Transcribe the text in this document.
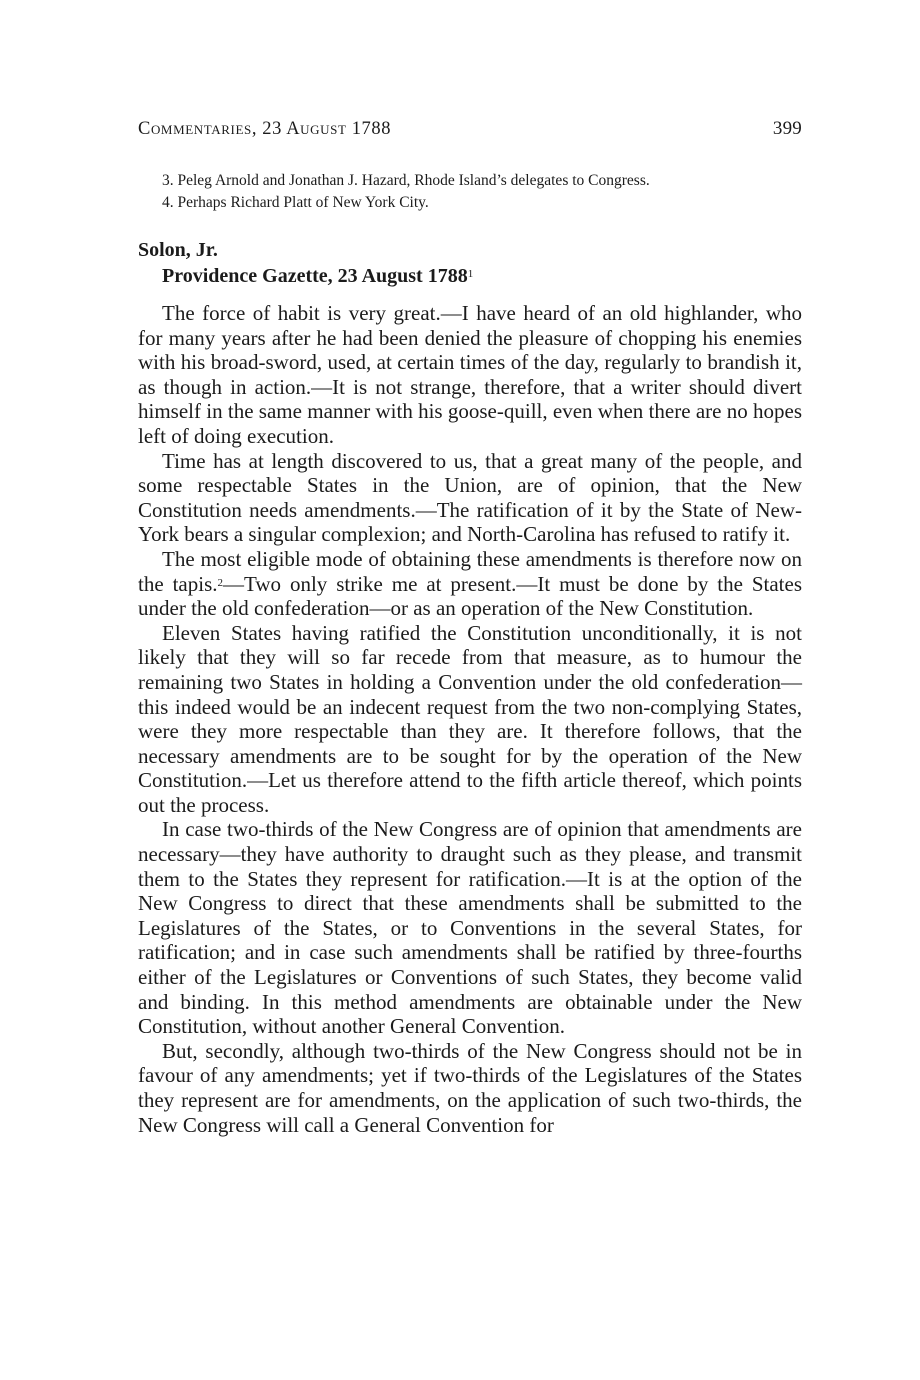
Commentaries, 23 August 1788	399
3. Peleg Arnold and Jonathan J. Hazard, Rhode Island’s delegates to Congress.
4. Perhaps Richard Platt of New York City.
Solon, Jr.
Providence Gazette, 23 August 1788$^1$

The force of habit is very great.—I have heard of an old highlander, who for many years after he had been denied the pleasure of chopping his enemies with his broad-sword, used, at certain times of the day, regularly to brandish it, as though in action.—It is not strange, therefore, that a writer should divert himself in the same manner with his goose-quill, even when there are no hopes left of doing execution.

Time has at length discovered to us, that a great many of the people, and some respectable States in the Union, are of opinion, that the New Constitution needs amendments.—The ratification of it by the State of New-York bears a singular complexion; and North-Carolina has refused to ratify it.

The most eligible mode of obtaining these amendments is therefore now on the tapis.$^2$—Two only strike me at present.—It must be done by the States under the old confederation—or as an operation of the New Constitution.

Eleven States having ratified the Constitution unconditionally, it is not likely that they will so far recede from that measure, as to humour the remaining two States in holding a Convention under the old confederation—this indeed would be an indecent request from the two non-complying States, were they more respectable than they are. It therefore follows, that the necessary amendments are to be sought for by the operation of the New Constitution.—Let us therefore attend to the fifth article thereof, which points out the process.

In case two-thirds of the New Congress are of opinion that amendments are necessary—they have authority to draught such as they please, and transmit them to the States they represent for ratification.—It is at the option of the New Congress to direct that these amendments shall be submitted to the Legislatures of the States, or to Conventions in the several States, for ratification; and in case such amendments shall be ratified by three-fourths either of the Legislatures or Conventions of such States, they become valid and binding. In this method amendments are obtainable under the New Constitution, without another General Convention.

But, secondly, although two-thirds of the New Congress should not be in favour of any amendments; yet if two-thirds of the Legislatures of the States they represent are for amendments, on the application of such two-thirds, the New Congress will call a General Convention for
